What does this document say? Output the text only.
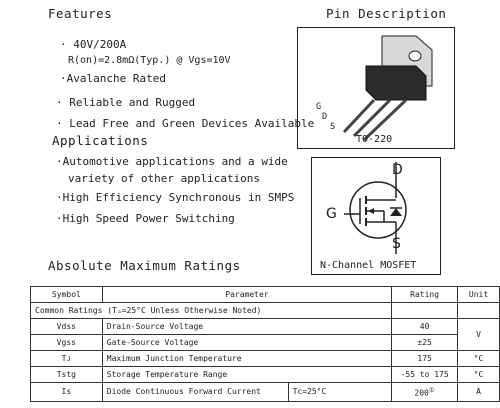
Features
· 40V/200A
R(on)=2.8mΩ(Typ.) @ Vgs=10V
·Avalanche Rated
· Reliable and Rugged
· Lead Free and Green Devices Available
Pin Description
G
D
S
TO-220
Applications
·Automotive applications and a wide
variety of other applications
·High Efficiency Synchronous in SMPS
·High Speed Power Switching
D
G
S
N-Channel MOSFET
Absolute Maximum Ratings
Symbol	Parameter		Rating	Unit
Common Ratings (Tₐ=25°C Unless Otherwise Noted)				
Vdss	Drain-Source Voltage		40	V
Vgss	Gate-Source Voltage		±25	
Tᴊ	Maximum Junction Temperature		175	°C
Tstg	Storage Temperature Range		-55 to 175	°C
Is	Diode Continuous Forward Current	Tc=25°C	200①	A
